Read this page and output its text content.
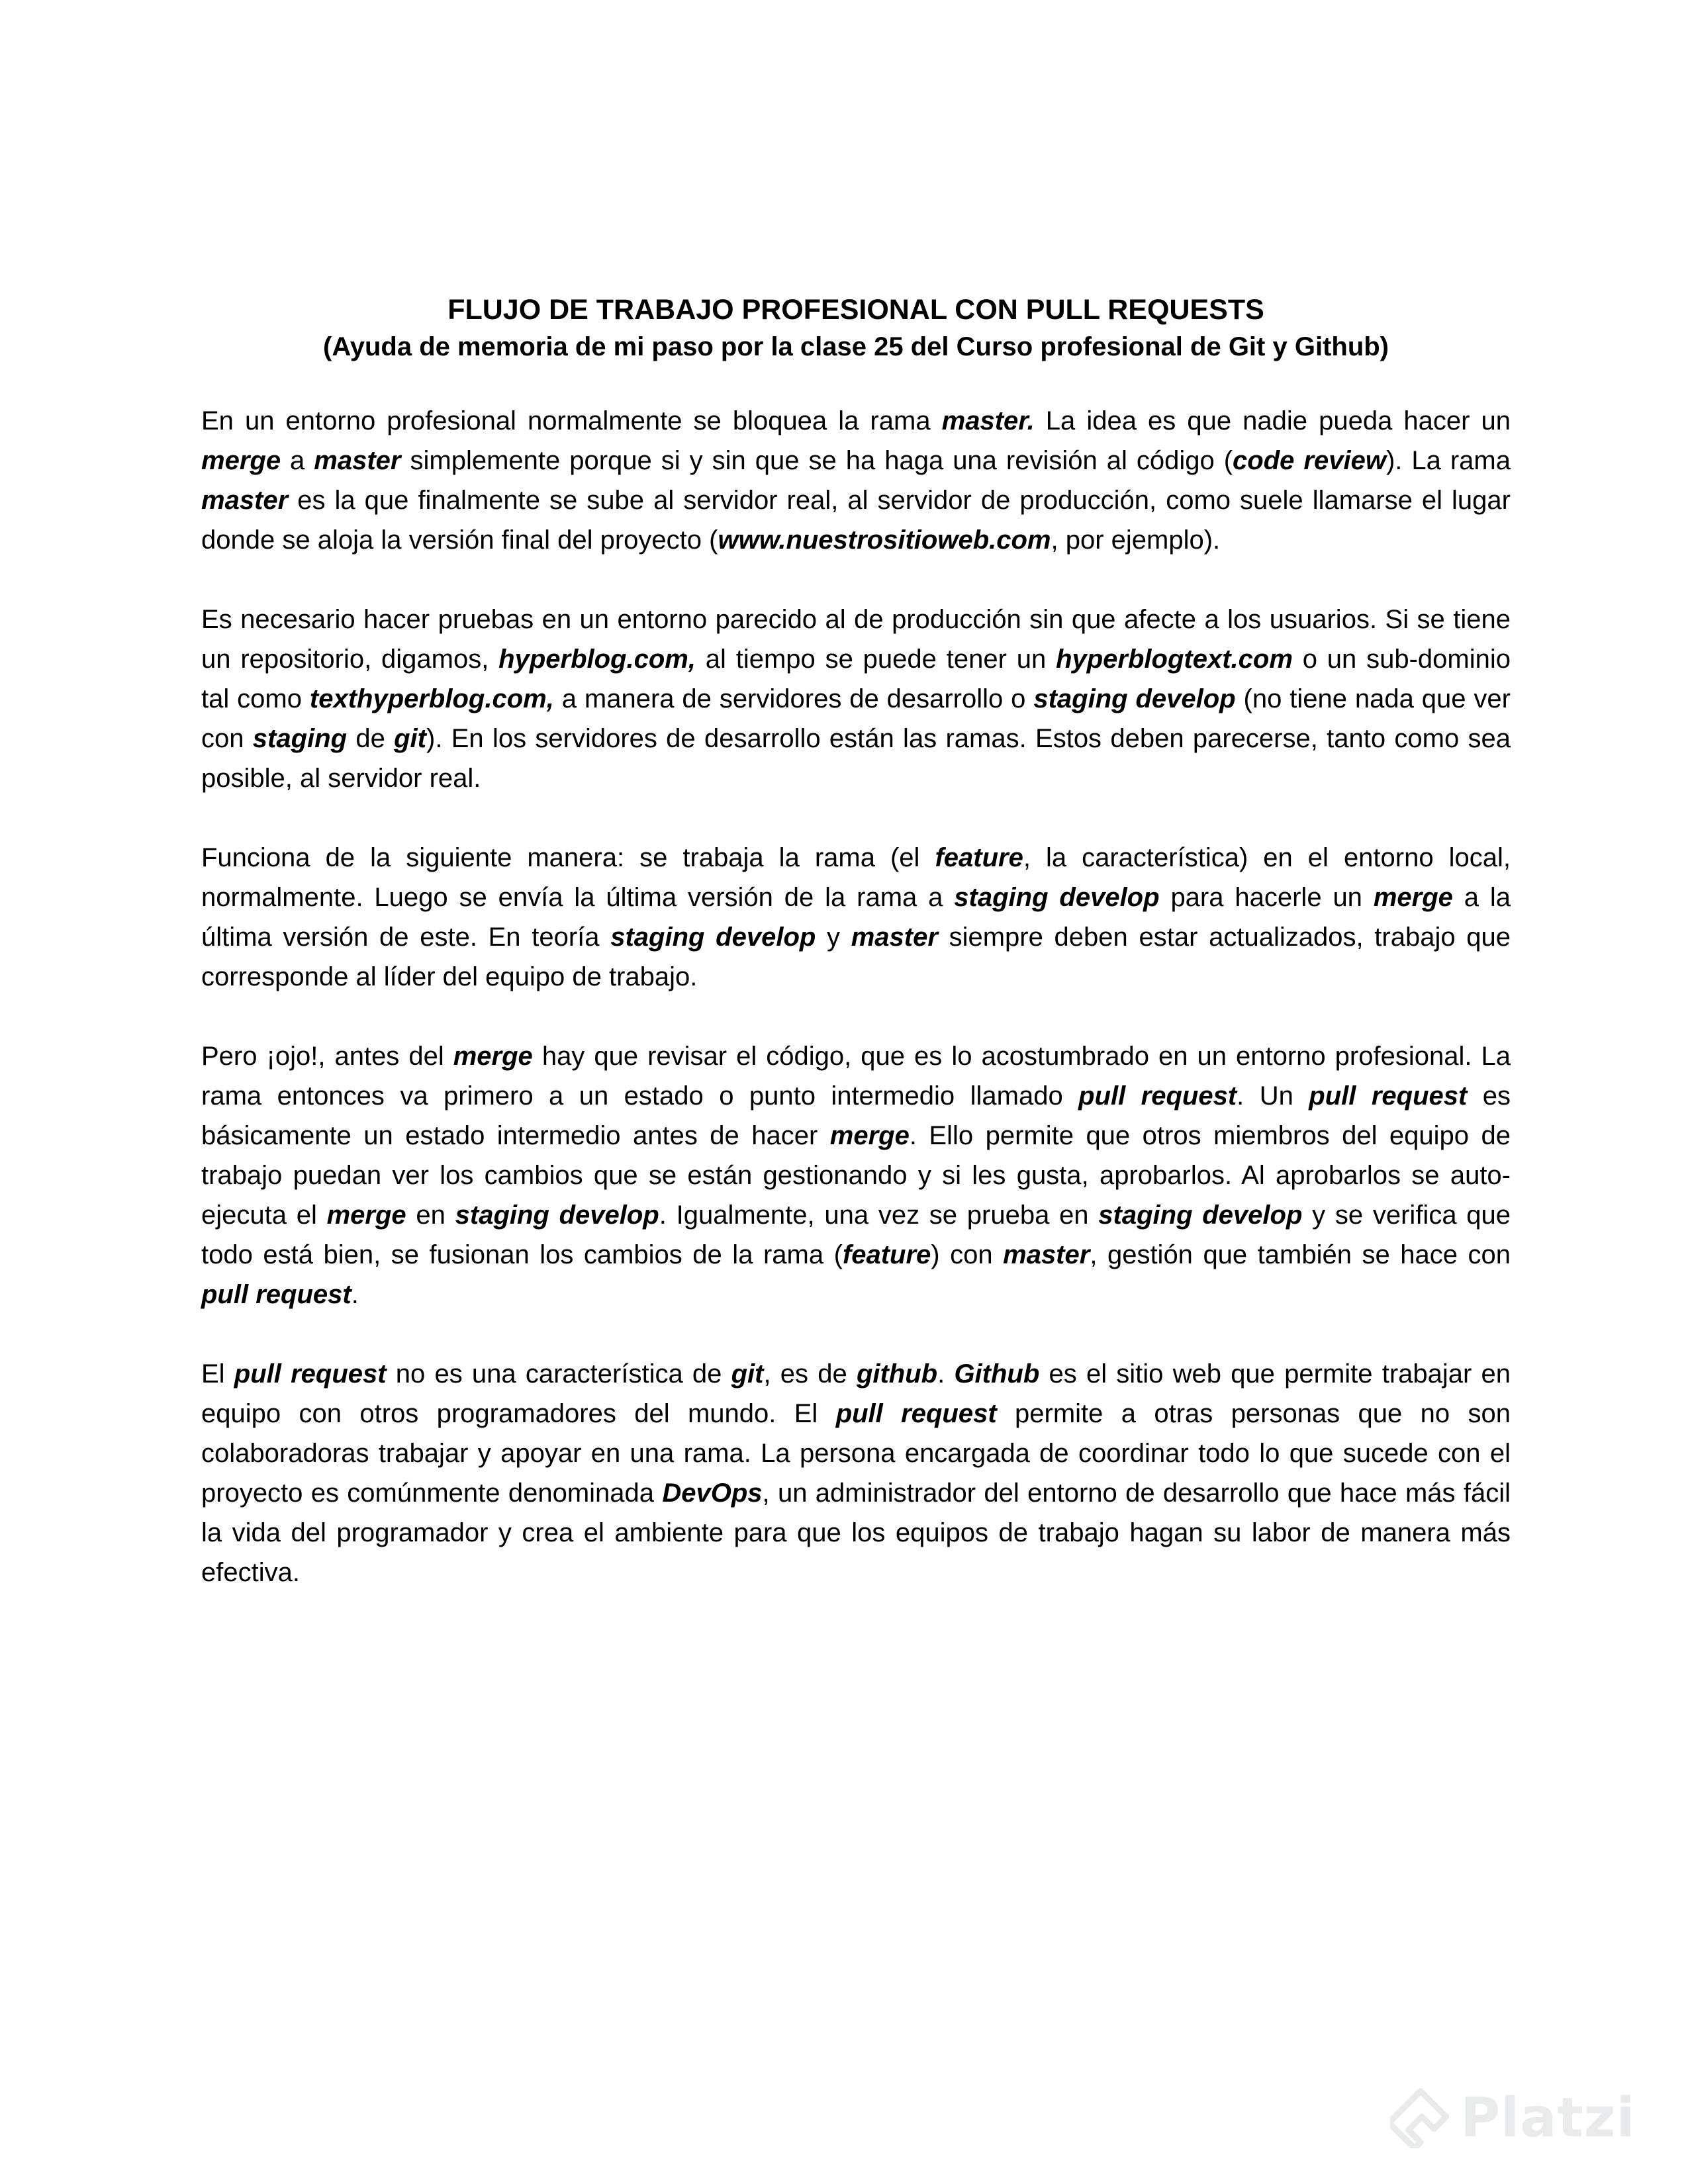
FLUJO DE TRABAJO PROFESIONAL CON PULL REQUESTS
(Ayuda de memoria de mi paso por la clase 25 del Curso profesional de Git y Github)

En un entorno profesional normalmente se bloquea la rama master. La idea es que nadie pueda hacer un merge a master simplemente porque si y sin que se ha haga una revisión al código (code review). La rama master es la que finalmente se sube al servidor real, al servidor de producción, como suele llamarse el lugar donde se aloja la versión final del proyecto (www.nuestrositioweb.com, por ejemplo).

Es necesario hacer pruebas en un entorno parecido al de producción sin que afecte a los usuarios. Si se tiene un repositorio, digamos, hyperblog.com, al tiempo se puede tener un hyperblogtext.com o un sub-dominio tal como texthyperblog.com, a manera de servidores de desarrollo o staging develop (no tiene nada que ver con staging de git). En los servidores de desarrollo están las ramas. Estos deben parecerse, tanto como sea posible, al servidor real.

Funciona de la siguiente manera: se trabaja la rama (el feature, la característica) en el entorno local, normalmente. Luego se envía la última versión de la rama a staging develop para hacerle un merge a la última versión de este. En teoría staging develop y master siempre deben estar actualizados, trabajo que corresponde al líder del equipo de trabajo.

Pero ¡ojo!, antes del merge hay que revisar el código, que es lo acostumbrado en un entorno profesional. La rama entonces va primero a un estado o punto intermedio llamado pull request. Un pull request es básicamente un estado intermedio antes de hacer merge. Ello permite que otros miembros del equipo de trabajo puedan ver los cambios que se están gestionando y si les gusta, aprobarlos. Al aprobarlos se auto-ejecuta el merge en staging develop. Igualmente, una vez se prueba en staging develop y se verifica que todo está bien, se fusionan los cambios de la rama (feature) con master, gestión que también se hace con pull request.

El pull request no es una característica de git, es de github. Github es el sitio web que permite trabajar en equipo con otros programadores del mundo. El pull request permite a otras personas que no son colaboradoras trabajar y apoyar en una rama. La persona encargada de coordinar todo lo que sucede con el proyecto es comúnmente denominada DevOps, un administrador del entorno de desarrollo que hace más fácil la vida del programador y crea el ambiente para que los equipos de trabajo hagan su labor de manera más efectiva.

Platzi
